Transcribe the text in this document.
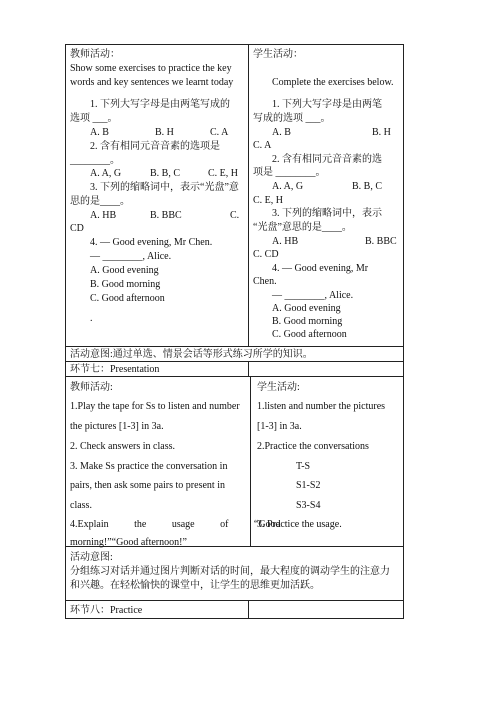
教师活动：
Show some exercises to practice the key
words and key sentences we learnt today
1. 下列大写字母是由两笔写成的
选项 ___。
A. B	B. H	C. A
2. 含有相同元音音素的选项是
________。
A. A, G	B. B, C	C. E, H
3. 下列的缩略词中，表示“光盘”意
思的是____。
A. HB	B. BBC	C.
CD
4. — Good evening, Mr Chen.
— ________, Alice.
A. Good evening
B. Good morning
C. Good afternoon
.
学生活动：
Complete the exercises below.
1. 下列大写字母是由两笔
写成的选项 ___。
A. B	B. H
C. A
2. 含有相同元音音素的选
项是 ________。
A. A, G	B. B, C
C. E, H
3. 下列的缩略词中，表示
“光盘”意思的是____。
A. HB	B. BBC
C. CD
4. — Good evening, Mr
Chen.
— ________, Alice.
A. Good evening
B. Good morning
C. Good afternoon
活动意图:通过单选、情景会话等形式练习所学的知识。
环节七：Presentation
教师活动:
1.Play the tape for Ss to listen and number
the pictures [1-3] in 3a.
2. Check answers in class.
3. Make Ss practice the conversation in
pairs, then ask some pairs to present in
class.
4.Explain the usage of “Good
morning!”“Good afternoon!”
学生活动:
1.listen and number the pictures
[1-3] in 3a.
2.Practice the conversations
T-S
S1-S2
S3-S4
3. Practice the usage.
活动意图:
分组练习对话并通过图片判断对话的时间，最大程度的调动学生的注意力
和兴趣。在轻松愉快的课堂中，让学生的思维更加活跃。
环节八：Practice
